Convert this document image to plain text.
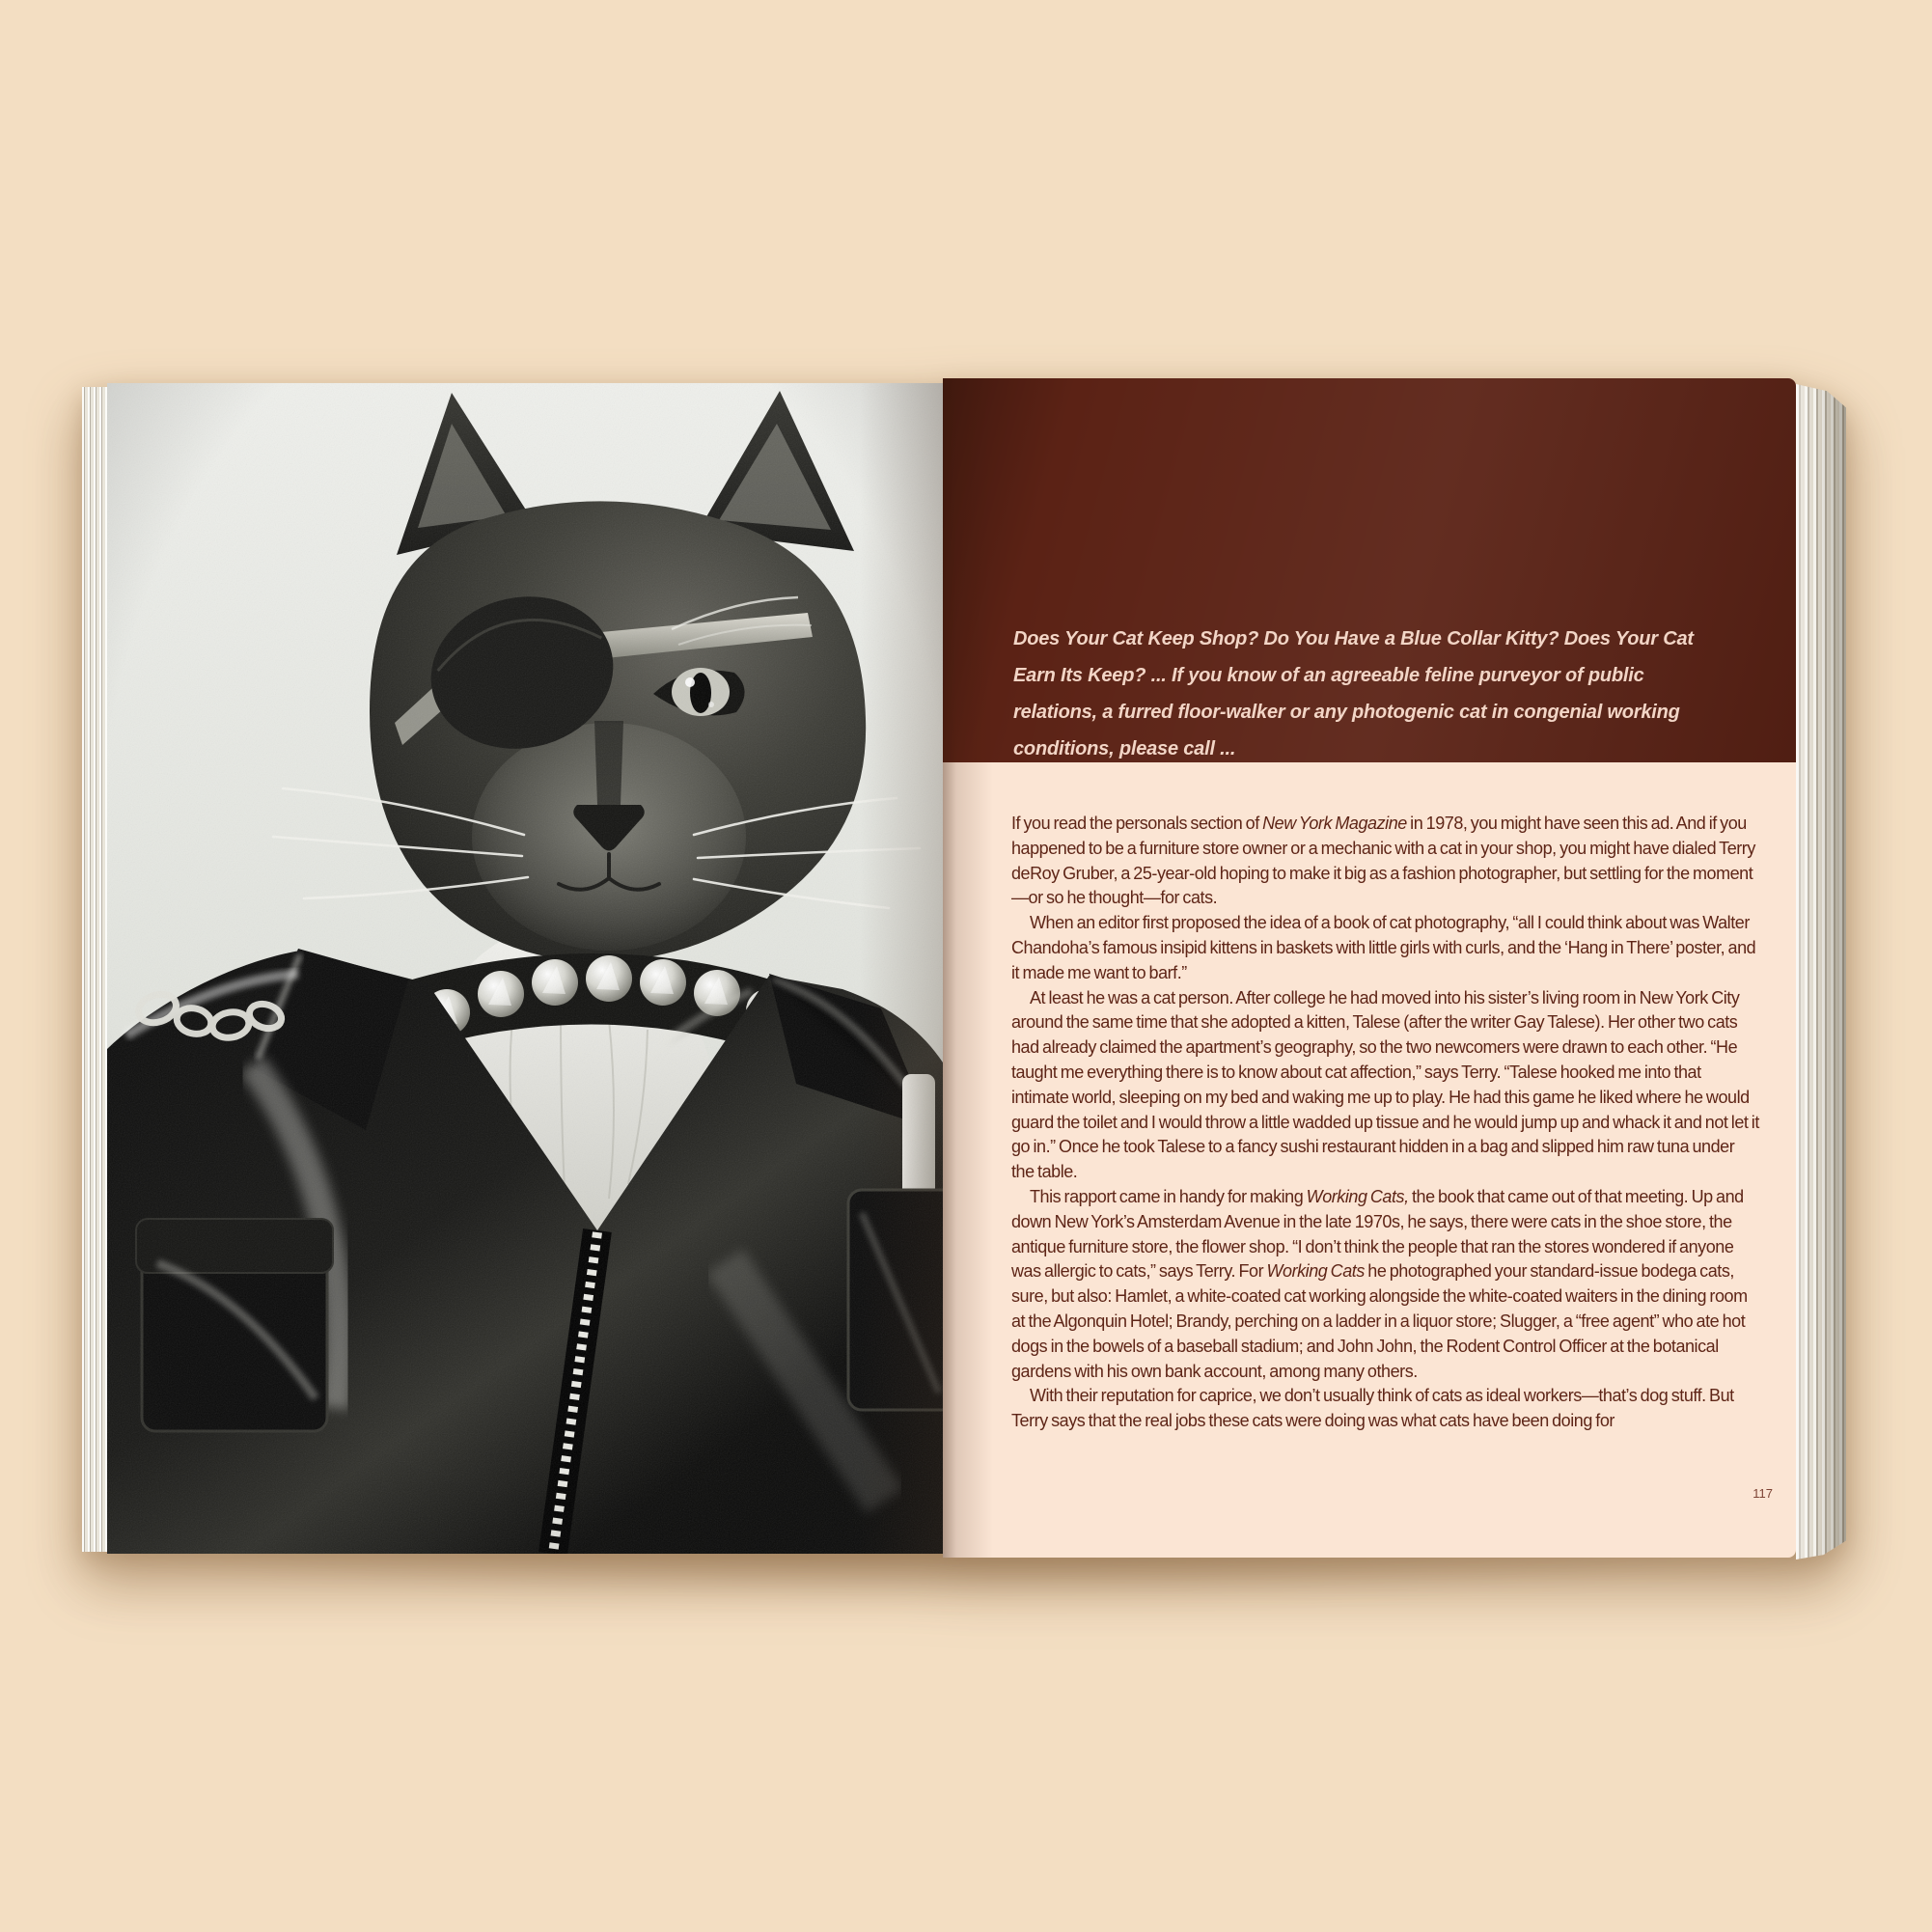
Does Your Cat Keep Shop? Do You Have a Blue Collar Kitty? Does Your Cat Earn Its Keep? ... If you know of an agreeable feline purveyor of public relations, a furred floor-walker or any photogenic cat in congenial working conditions, please call ...

If you read the personals section of New York Magazine in 1978, you might have seen this ad. And if you happened to be a furniture store owner or a mechanic with a cat in your shop, you might have dialed Terry deRoy Gruber, a 25-year-old hoping to make it big as a fashion photographer, but settling for the moment—or so he thought—for cats.

When an editor first proposed the idea of a book of cat photography, “all I could think about was Walter Chandoha’s famous insipid kittens in baskets with little girls with curls, and the ‘Hang in There’ poster, and it made me want to barf.”

At least he was a cat person. After college he had moved into his sister’s living room in New York City around the same time that she adopted a kitten, Talese (after the writer Gay Talese). Her other two cats had already claimed the apartment’s geography, so the two newcomers were drawn to each other. “He taught me everything there is to know about cat affection,” says Terry. “Talese hooked me into that intimate world, sleeping on my bed and waking me up to play. He had this game he liked where he would guard the toilet and I would throw a little wadded up tissue and he would jump up and whack it and not let it go in.” Once he took Talese to a fancy sushi restaurant hidden in a bag and slipped him raw tuna under the table.

This rapport came in handy for making Working Cats, the book that came out of that meeting. Up and down New York’s Amsterdam Avenue in the late 1970s, he says, there were cats in the shoe store, the antique furniture store, the flower shop. “I don’t think the people that ran the stores wondered if anyone was allergic to cats,” says Terry. For Working Cats he photographed your standard-issue bodega cats, sure, but also: Hamlet, a white-coated cat working alongside the white-coated waiters in the dining room at the Algonquin Hotel; Brandy, perching on a ladder in a liquor store; Slugger, a “free agent” who ate hot dogs in the bowels of a baseball stadium; and John John, the Rodent Control Officer at the botanical gardens with his own bank account, among many others.

With their reputation for caprice, we don’t usually think of cats as ideal workers—that’s dog stuff. But Terry says that the real jobs these cats were doing was what cats have been doing for

117
